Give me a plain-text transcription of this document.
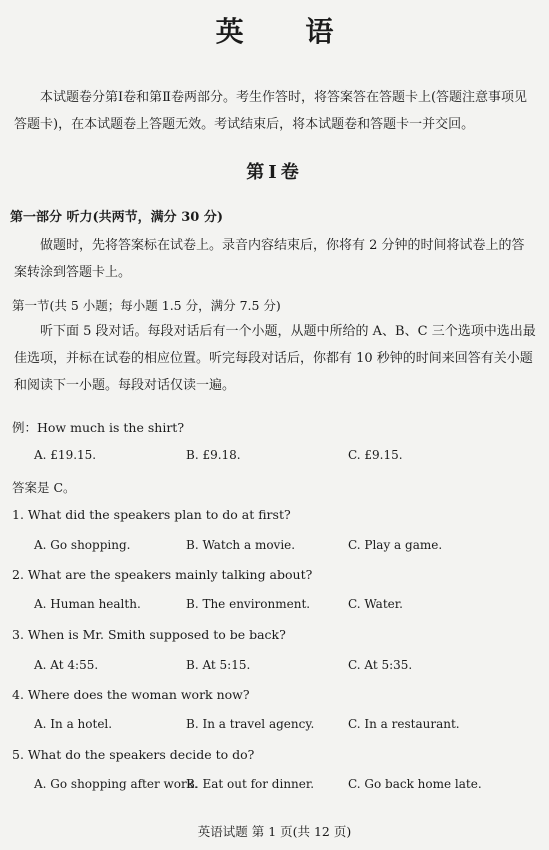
英 语
本试题卷分第Ⅰ卷和第Ⅱ卷两部分。考生作答时，将答案答在答题卡上(答题注意事项见答题卡)，在本试题卷上答题无效。考试结束后，将本试题卷和答题卡一并交回。
第Ⅰ卷
第一部分 听力(共两节，满分 30 分)
做题时，先将答案标在试卷上。录音内容结束后，你将有 2 分钟的时间将试卷上的答案转涂到答题卡上。
第一节(共 5 小题；每小题 1.5 分，满分 7.5 分)
听下面 5 段对话。每段对话后有一个小题，从题中所给的 A、B、C 三个选项中选出最佳选项，并标在试卷的相应位置。听完每段对话后，你都有 10 秒钟的时间来回答有关小题和阅读下一小题。每段对话仅读一遍。
例：How much is the shirt?
A. £19.15.	B. £9.18.	C. £9.15.
答案是 C。
1. What did the speakers plan to do at first?
A. Go shopping.	B. Watch a movie.	C. Play a game.
2. What are the speakers mainly talking about?
A. Human health.	B. The environment.	C. Water.
3. When is Mr. Smith supposed to be back?
A. At 4:55.	B. At 5:15.	C. At 5:35.
4. Where does the woman work now?
A. In a hotel.	B. In a travel agency.	C. In a restaurant.
5. What do the speakers decide to do?
A. Go shopping after work.
B. Eat out for dinner.	C. Go back home late.
英语试题 第 1 页(共 12 页)
